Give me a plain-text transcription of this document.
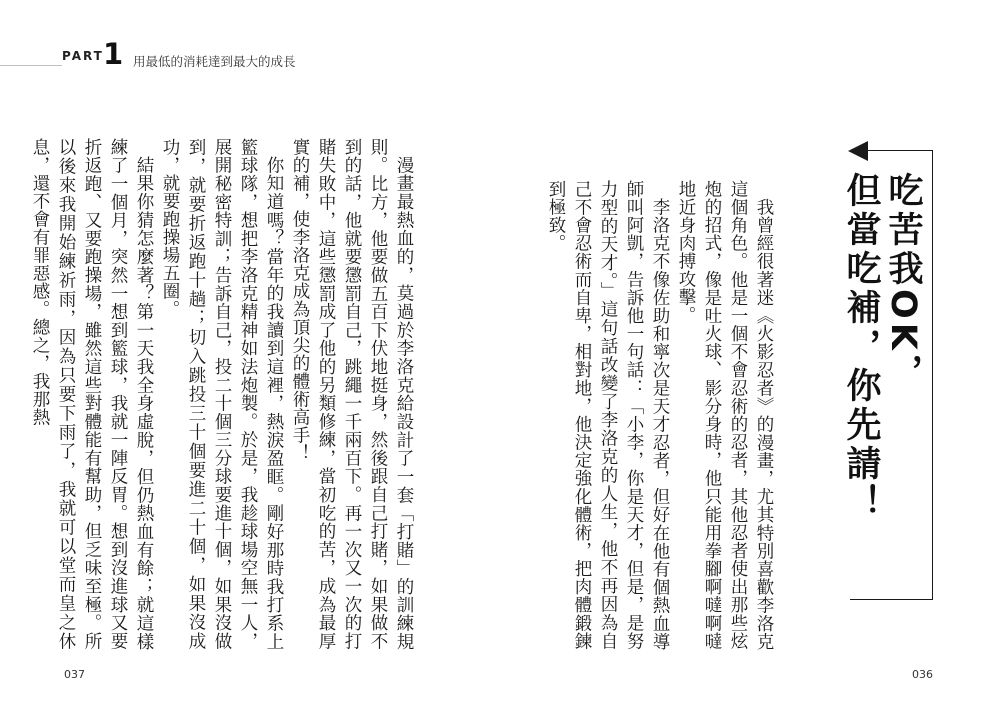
PART 1 用最低的消耗達到最大的成長
吃苦我OK，
但當吃補，你先請！

我曾經很著迷《火影忍者》的漫畫，尤其特別喜歡李洛克這個角色。他是一個不會忍術的忍者，其他忍者使出那些炫炮的招式，像是吐火球、影分身時，他只能用拳腳啊噠啊噠地近身肉搏攻擊。

李洛克不像佐助和寧次是天才忍者，但好在他有個熱血導師叫阿凱，告訴他一句話：「小李，你是天才，但是，是努力型的天才。」這句話改變了李洛克的人生，他不再因為自己不會忍術而自卑，相對地，他決定強化體術，把肉體鍛鍊到極致。

漫畫最熱血的，莫過於李洛克給設計了一套「打賭」的訓練規則。比方，他要做五百下伏地挺身，然後跟自己打賭，如果做不到的話，他就要懲罰自己，跳繩一千兩百下。再一次又一次的打賭失敗中，這些懲罰成了他的另類修練，當初吃的苦，成為最厚實的補，使李洛克成為頂尖的體術高手！

你知道嗎？當年的我讀到這裡，熱淚盈眶。剛好那時我打系上籃球隊，想把李洛克精神如法炮製。於是，我趁球場空無一人，展開秘密特訓；告訴自己，投二十個三分球要進十個，如果沒做到，就要折返跑十趟；切入跳投三十個要進二十個，如果沒成功，就要跑操場五圈。

結果你猜怎麼著？第一天我全身虛脫，但仍熱血有餘；就這樣練了一個月，突然一想到籃球，我就一陣反胃。想到沒進球又要折返跑、又要跑操場，雖然這些對體能有幫助，但乏味至極。所以後來我開始練祈雨，因為只要下雨了，我就可以堂而皇之休息，還不會有罪惡感。總之，我那熱

037	036
